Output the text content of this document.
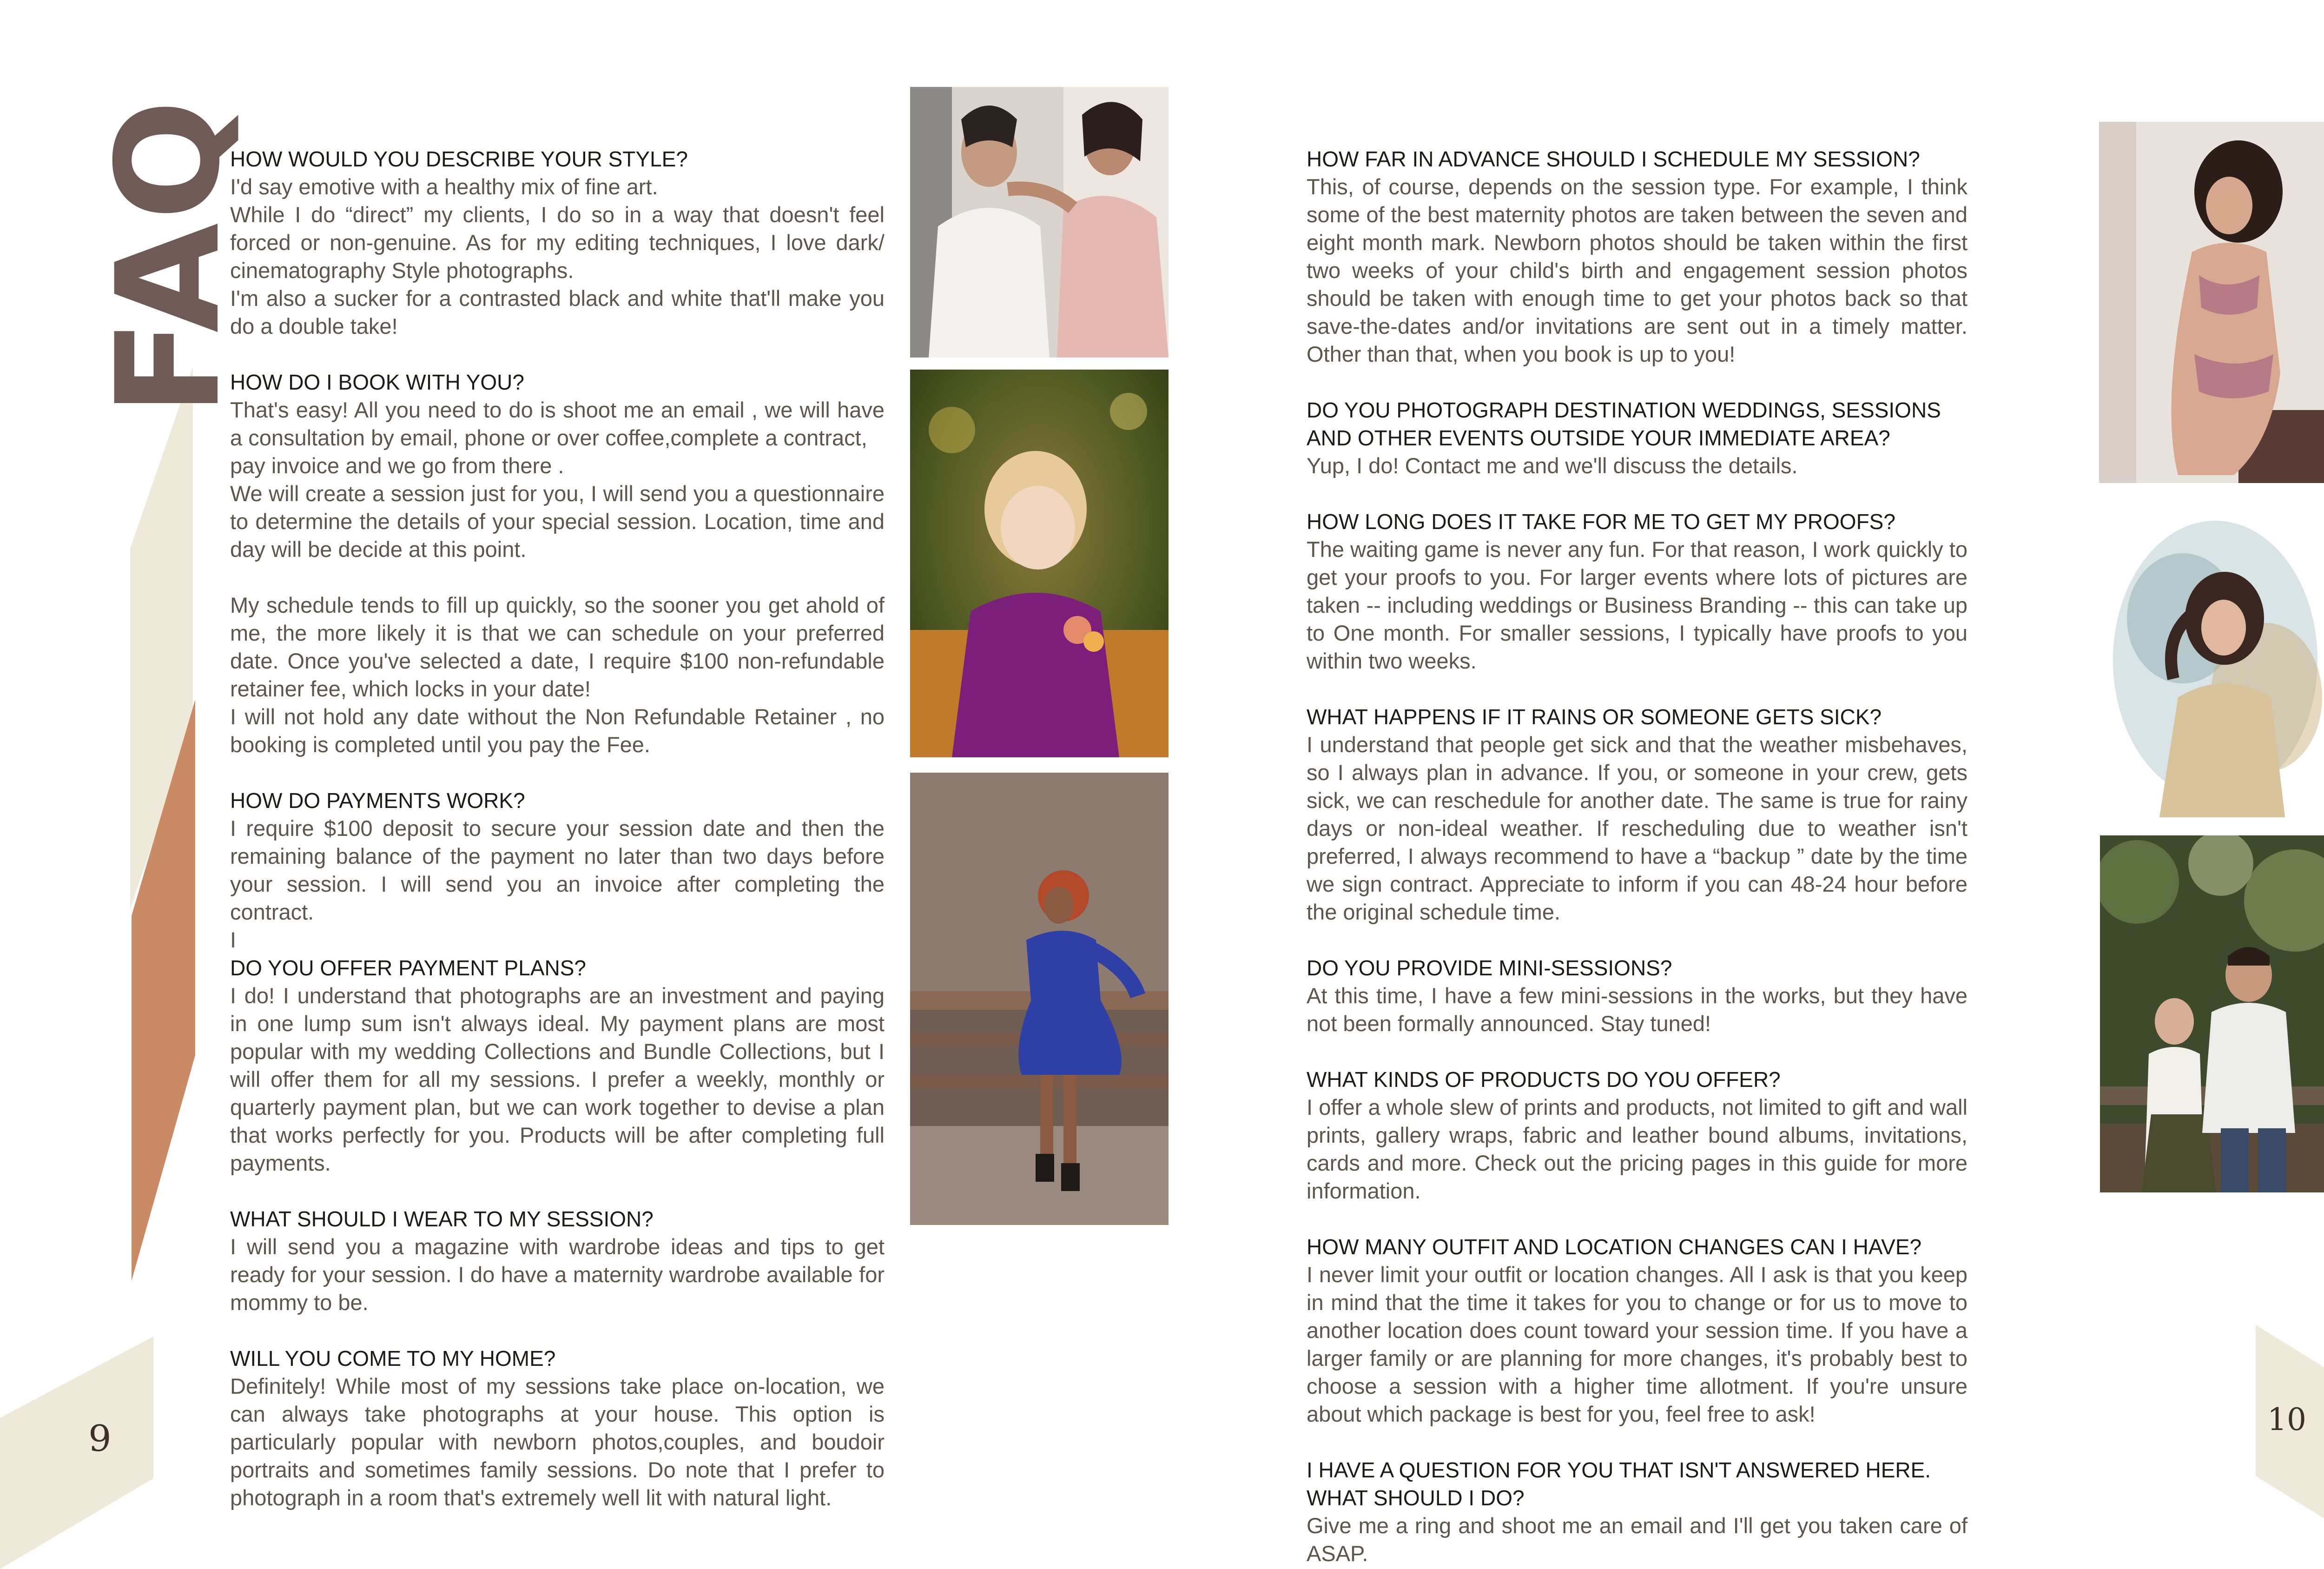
FAQ

HOW WOULD YOU DESCRIBE YOUR STYLE?

I'd say emotive with a healthy mix of fine art.
While I do “direct” my clients, I do so in a way that doesn't feel forced or non-genuine. As for my editing techniques, I love dark/ cinematography Style photographs.
I'm also a sucker for a contrasted black and white that'll make you do a double take!

HOW DO I BOOK WITH YOU?

That's easy! All you need to do is shoot me an email , we will have a consultation by email, phone or over coffee,complete a contract,
pay invoice and we go from there .
We will create a session just for you, I will send you a questionnaire to determine the details of your special session. Location, time and day will be decide at this point.

My schedule tends to fill up quickly, so the sooner you get ahold of me, the more likely it is that we can schedule on your preferred date. Once you've selected a date, I require $100 non-refundable retainer fee, which locks in your date!
I will not hold any date without the Non Refundable Retainer , no booking is completed until you pay the Fee.

HOW DO PAYMENTS WORK?

I require $100 deposit to secure your session date and then the remaining balance of the payment no later than two days before your session. I will send you an invoice after completing the contract.
I

DO YOU OFFER PAYMENT PLANS?

I do! I understand that photographs are an investment and paying in one lump sum isn't always ideal. My payment plans are most popular with my wedding Collections and Bundle Collections, but I will offer them for all my sessions. I prefer a weekly, monthly or quarterly payment plan, but we can work together to devise a plan that works perfectly for you. Products will be after completing full payments.

WHAT SHOULD I WEAR TO MY SESSION?

I will send you a magazine with wardrobe ideas and tips to get ready for your session. I do have a maternity wardrobe available for mommy to be.

WILL YOU COME TO MY HOME?

Definitely! While most of my sessions take place on-location, we can always take photographs at your house. This option is particularly popular with newborn photos,couples, and boudoir portraits and sometimes family sessions. Do note that I prefer to photograph in a room that's extremely well lit with natural light.

9

HOW FAR IN ADVANCE SHOULD I SCHEDULE MY SESSION?

This, of course, depends on the session type. For example, I think some of the best maternity photos are taken between the seven and eight month mark. Newborn photos should be taken within the first two weeks of your child's birth and engagement session photos should be taken with enough time to get your photos back so that save-the-dates and/or invitations are sent out in a timely matter. Other than that, when you book is up to you!

DO YOU PHOTOGRAPH DESTINATION WEDDINGS, SESSIONS AND OTHER EVENTS OUTSIDE YOUR IMMEDIATE AREA?

Yup, I do! Contact me and we'll discuss the details.

HOW LONG DOES IT TAKE FOR ME TO GET MY PROOFS?

The waiting game is never any fun. For that reason, I work quickly to get your proofs to you. For larger events where lots of pictures are taken -- including weddings or Business Branding -- this can take up to One month. For smaller sessions, I typically have proofs to you within two weeks.

WHAT HAPPENS IF IT RAINS OR SOMEONE GETS SICK?

I understand that people get sick and that the weather misbehaves, so I always plan in advance. If you, or someone in your crew, gets sick, we can reschedule for another date. The same is true for rainy days or non-ideal weather. If rescheduling due to weather isn't preferred, I always recommend to have a “backup ” date by the time we sign contract. Appreciate to inform if you can 48-24 hour before the original schedule time.

DO YOU PROVIDE MINI-SESSIONS?

At this time, I have a few mini-sessions in the works, but they have not been formally announced. Stay tuned!

WHAT KINDS OF PRODUCTS DO YOU OFFER?

I offer a whole slew of prints and products, not limited to gift and wall prints, gallery wraps, fabric and leather bound albums, invitations, cards and more. Check out the pricing pages in this guide for more information.

HOW MANY OUTFIT AND LOCATION CHANGES CAN I HAVE?

I never limit your outfit or location changes. All I ask is that you keep in mind that the time it takes for you to change or for us to move to another location does count toward your session time. If you have a larger family or are planning for more changes, it's probably best to choose a session with a higher time allotment. If you're unsure about which package is best for you, feel free to ask!

I HAVE A QUESTION FOR YOU THAT ISN'T ANSWERED HERE.
WHAT SHOULD I DO?

Give me a ring and shoot me an email and I'll get you taken care of ASAP.

10
